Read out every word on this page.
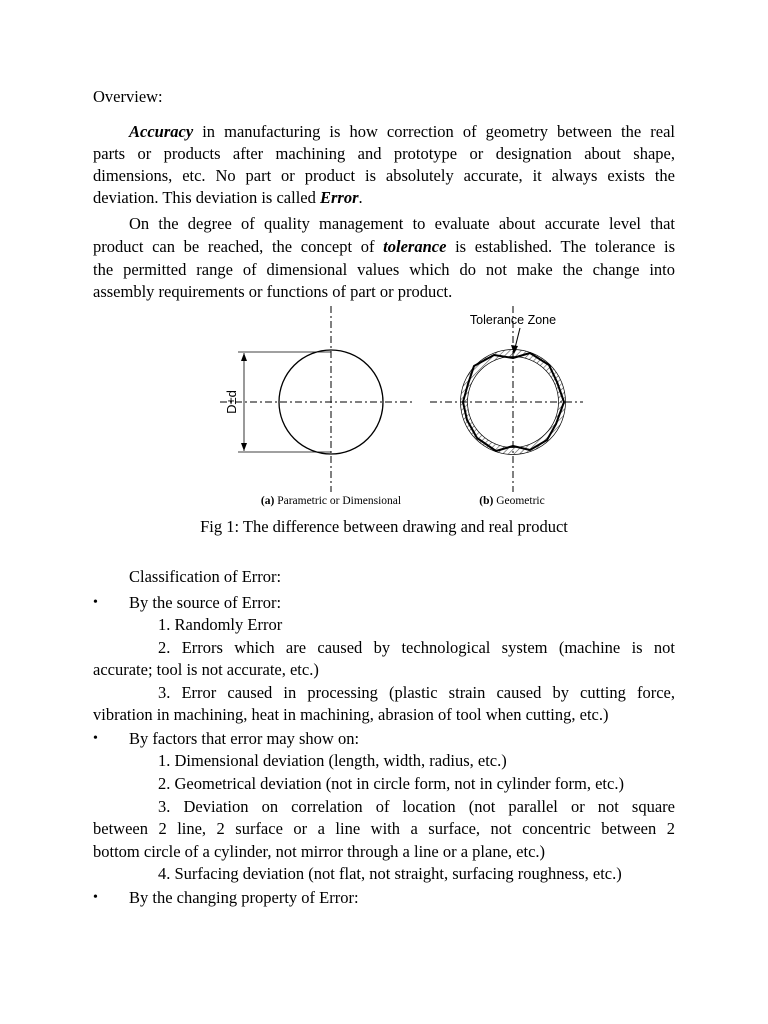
Overview:
Accuracy in manufacturing is how correction of geometry between the real
parts or products after machining and prototype or designation about shape,
dimensions, etc. No part or product is absolutely accurate, it always exists the
deviation. This deviation is called Error.
On the degree of quality management to evaluate about accurate level that
product can be reached, the concept of tolerance is established. The tolerance is
the permitted range of dimensional values which do not make the change into
assembly requirements or functions of part or product.
D±d
(a) Parametric or Dimensional
Tolerance Zone
(b) Geometric
Fig 1: The difference between drawing and real product
Classification of Error:
• By the source of Error:
1. Randomly Error
2. Errors which are caused by technological system (machine is not
accurate; tool is not accurate, etc.)
3. Error caused in processing (plastic strain caused by cutting force,
vibration in machining, heat in machining, abrasion of tool when cutting, etc.)
• By factors that error may show on:
1. Dimensional deviation (length, width, radius, etc.)
2. Geometrical deviation (not in circle form, not in cylinder form, etc.)
3. Deviation on correlation of location (not parallel or not square
between 2 line, 2 surface or a line with a surface, not concentric between 2
bottom circle of a cylinder, not mirror through a line or a plane, etc.)
4. Surfacing deviation (not flat, not straight, surfacing roughness, etc.)
• By the changing property of Error:
